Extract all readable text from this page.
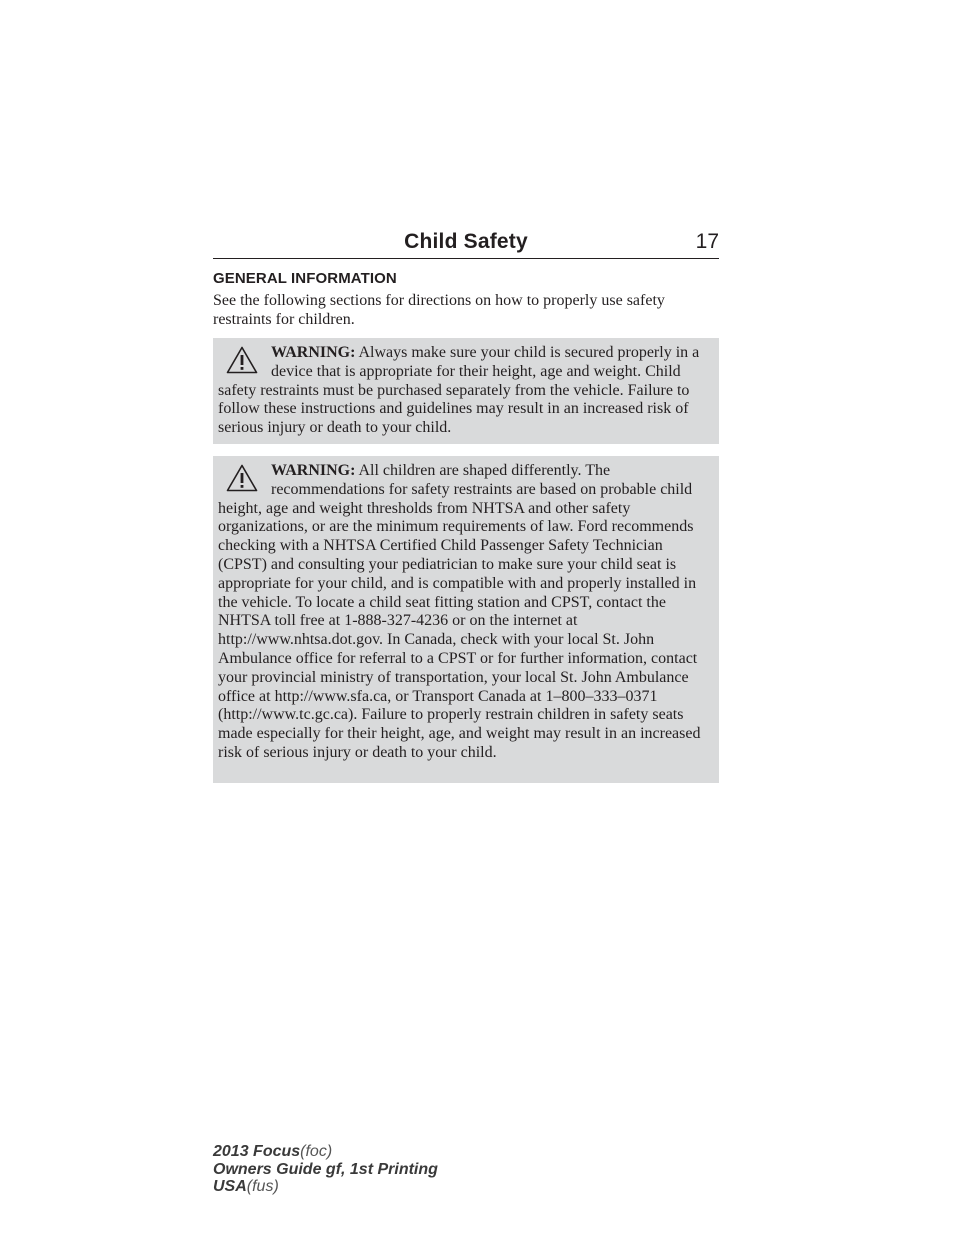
Child Safety	17
GENERAL INFORMATION
See the following sections for directions on how to properly use safety restraints for children.

WARNING: Always make sure your child is secured properly in a device that is appropriate for their height, age and weight. Child safety restraints must be purchased separately from the vehicle. Failure to follow these instructions and guidelines may result in an increased risk of serious injury or death to your child.

WARNING: All children are shaped differently. The recommendations for safety restraints are based on probable child height, age and weight thresholds from NHTSA and other safety organizations, or are the minimum requirements of law. Ford recommends checking with a NHTSA Certified Child Passenger Safety Technician (CPST) and consulting your pediatrician to make sure your child seat is appropriate for your child, and is compatible with and properly installed in the vehicle. To locate a child seat fitting station and CPST, contact the NHTSA toll free at 1-888-327-4236 or on the internet at http://www.nhtsa.dot.gov. In Canada, check with your local St. John Ambulance office for referral to a CPST or for further information, contact your provincial ministry of transportation, your local St. John Ambulance office at http://www.sfa.ca, or Transport Canada at 1–800–333–0371 (http://www.tc.gc.ca). Failure to properly restrain children in safety seats made especially for their height, age, and weight may result in an increased risk of serious injury or death to your child.

2013 Focus(foc)
Owners Guide gf, 1st Printing
USA(fus)
